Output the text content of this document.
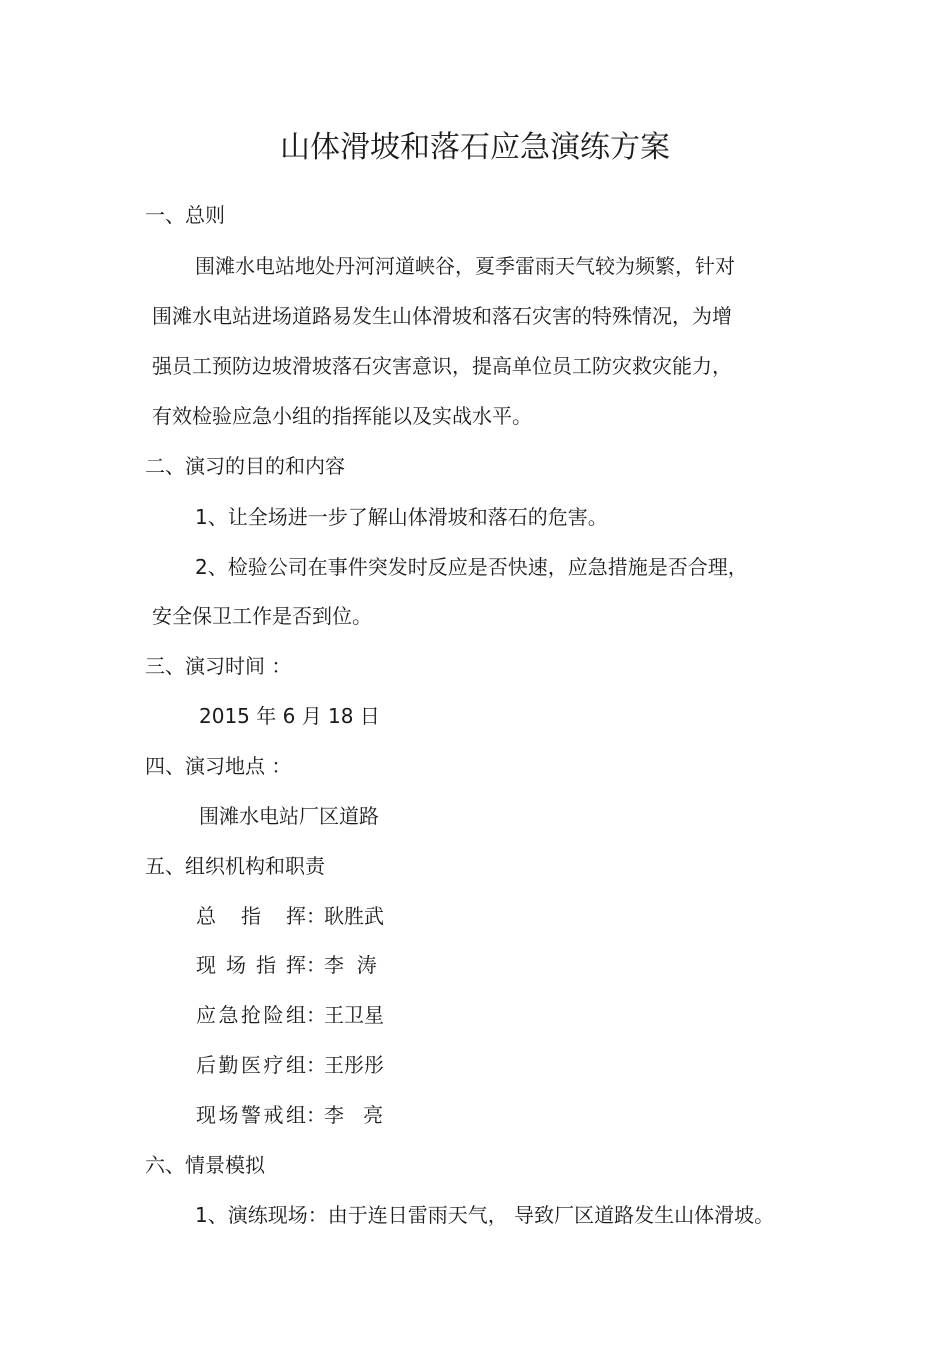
山体滑坡和落石应急演练方案
一、总则
围滩水电站地处丹河河道峡谷，夏季雷雨天气较为频繁，针对
围滩水电站进场道路易发生山体滑坡和落石灾害的特殊情况，为增
强员工预防边坡滑坡落石灾害意识，提高单位员工防灾救灾能力，
有效检验应急小组的指挥能以及实战水平。
二、演习的目的和内容
1、让全场进一步了解山体滑坡和落石的危害。
2、检验公司在事件突发时反应是否快速，应急措施是否合理，
安全保卫工作是否到位。
三、演习时间 ：
2015 年 6 月 18 日
四、演习地点 ：
围滩水电站厂区道路
五、组织机构和职责
总指挥：耿胜武
现场指挥：李  涛
应急抢险组：王卫星
后勤医疗组：王彤彤
现场警戒组：李   亮
六、情景模拟
1、演练现场：由于连日雷雨天气， 导致厂区道路发生山体滑坡。
